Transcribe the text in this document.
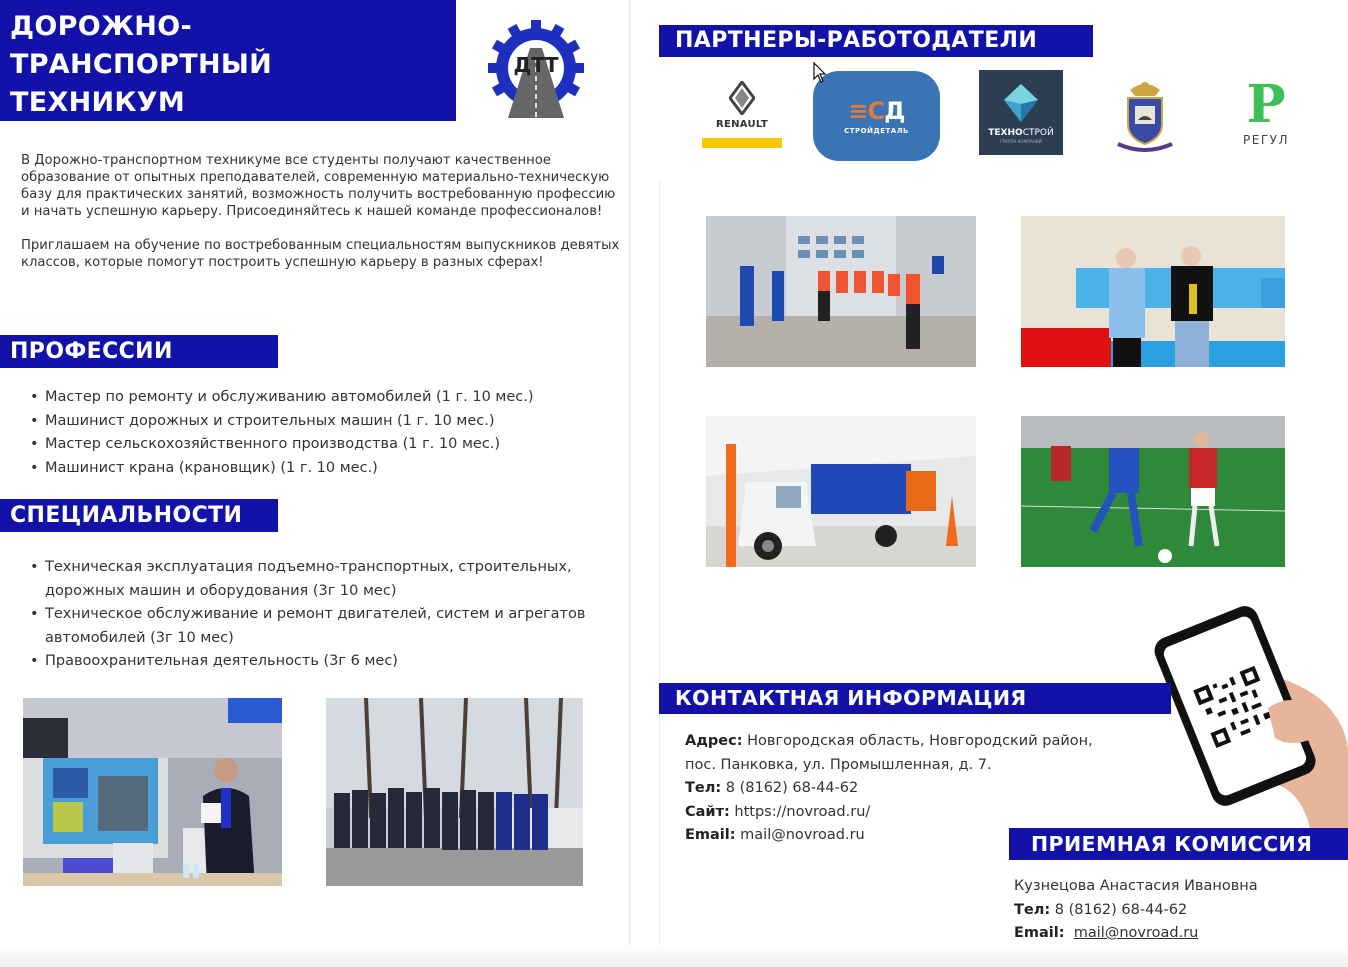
ДОРОЖНО-
ТРАНСПОРТНЫЙ
ТЕХНИКУМ
ДТТ

В Дорожно-транспортном техникуме все студенты получают качественное образование от опытных преподавателей, современную материально-техническую базу для практических занятий, возможность получить востребованную профессию и начать успешную карьеру. Присоединяйтесь к нашей команде профессионалов!

Приглашаем на обучение по востребованным специальностям выпускников девятых классов, которые помогут построить успешную карьеру в разных сферах!

ПРОФЕССИИ
• Мастер по ремонту и обслуживанию автомобилей (1 г. 10 мес.)
• Машинист дорожных и строительных машин (1 г. 10 мес.)
• Мастер сельскохозяйственного производства (1 г. 10 мес.)
• Машинист крана (крановщик) (1 г. 10 мес.)
СПЕЦИАЛЬНОСТИ
• Техническая эксплуатация подъемно-транспортных, строительных, дорожных машин и оборудования (3г 10 мес)
• Техническое обслуживание и ремонт двигателей, систем и агрегатов автомобилей (3г 10 мес)
• Правоохранительная деятельность (3г 6 мес)
ПАРТНЕРЫ-РАБОТОДАТЕЛИ
RENAULT	≡СД
СТРОЙДЕТАЛЬ	ТЕХНОСТРОЙ
ГРУППА КОМПАНИЙ
P
РЕГУЛ
КОНТАКТНАЯ ИНФОРМАЦИЯ
Адрес: Новгородская область, Новгородский район,
пос. Панковка, ул. Промышленная, д. 7.
Тел: 8 (8162) 68-44-62
Сайт: https://novroad.ru/
Email: mail@novroad.ru	ПРИЕМНАЯ КОМИССИЯ
Кузнецова Анастасия Ивановна
Тел: 8 (8162) 68-44-62
Email: mail@novroad.ru
